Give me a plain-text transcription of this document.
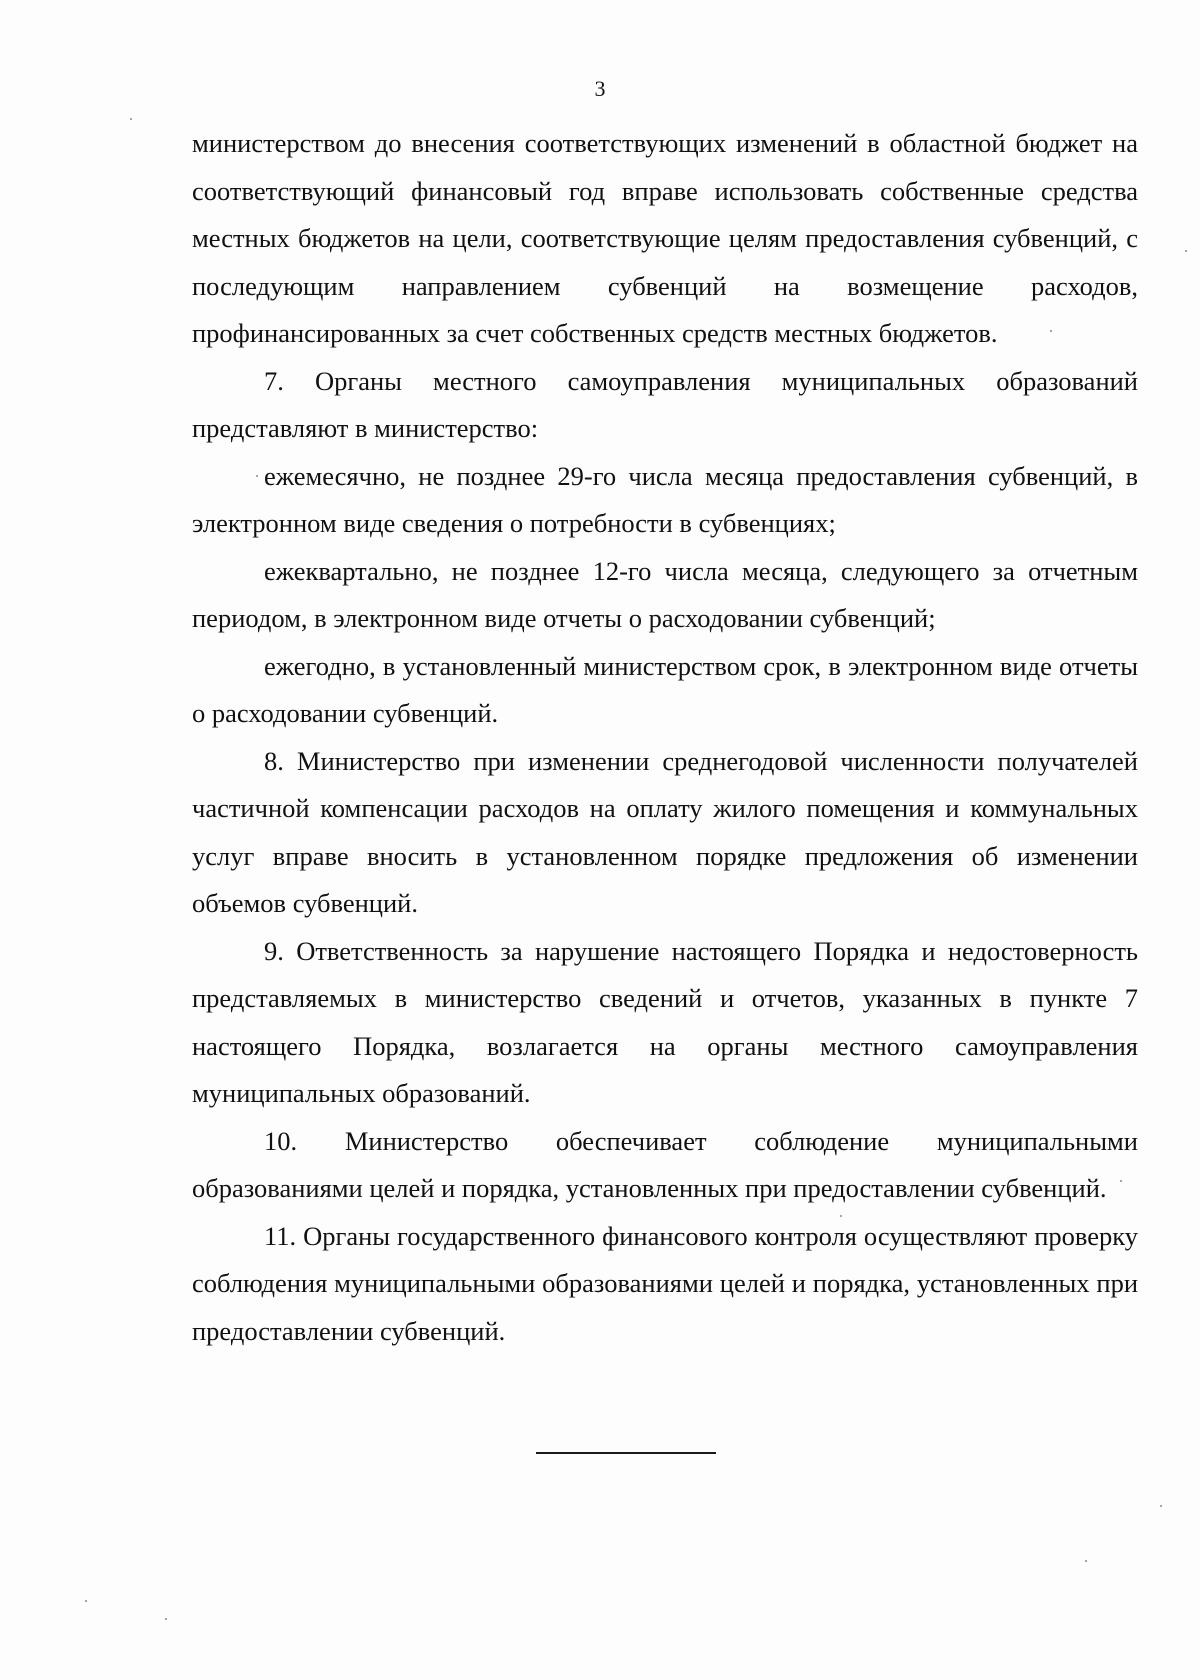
3

министерством до внесения соответствующих изменений в областной бюджет на соответствующий финансовый год вправе использовать собственные средства местных бюджетов на цели, соответствующие целям предоставления субвенций, с последующим направлением субвенций на возмещение расходов, профинансированных за счет собственных средств местных бюджетов.

7. Органы местного самоуправления муниципальных образований представляют в министерство:

ежемесячно, не позднее 29-го числа месяца предоставления субвенций, в электронном виде сведения о потребности в субвенциях;

ежеквартально, не позднее 12-го числа месяца, следующего за отчетным периодом, в электронном виде отчеты о расходовании субвенций;

ежегодно, в установленный министерством срок, в электронном виде отчеты о расходовании субвенций.

8. Министерство при изменении среднегодовой численности получателей частичной компенсации расходов на оплату жилого помещения и коммунальных услуг вправе вносить в установленном порядке предложения об изменении объемов субвенций.

9. Ответственность за нарушение настоящего Порядка и недостоверность представляемых в министерство сведений и отчетов, указанных в пункте 7 настоящего Порядка, возлагается на органы местного самоуправления муниципальных образований.

10. Министерство обеспечивает соблюдение муниципальными образованиями целей и порядка, установленных при предоставлении субвенций.

11. Органы государственного финансового контроля осуществляют проверку соблюдения муниципальными образованиями целей и порядка, установленных при предоставлении субвенций.
